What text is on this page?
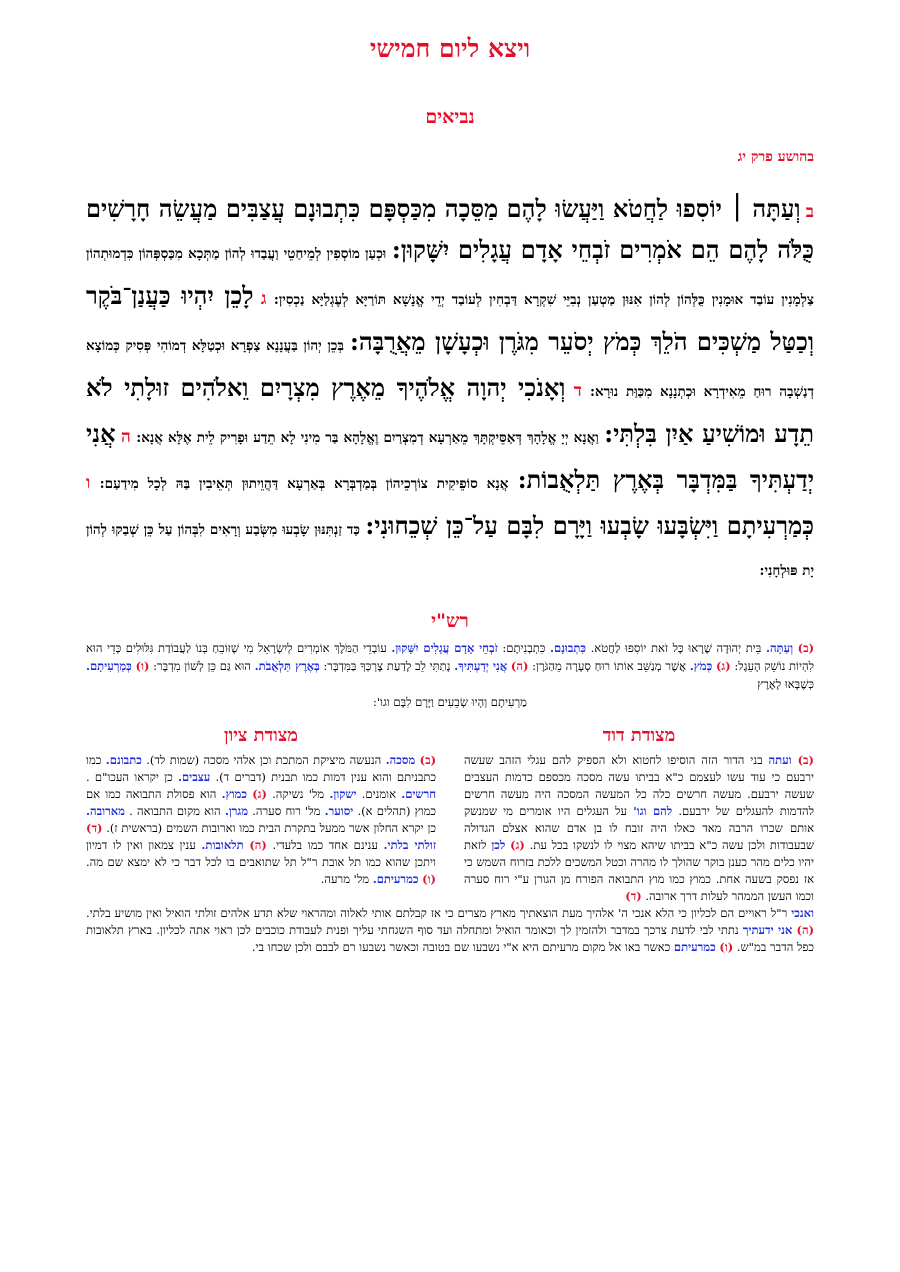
ויצא ליום חמישי
נביאים
בהושע פרק יג

ב וְעַתָּה ׀ יוֹסִפוּ לַחֲטֹא וַיַּעֲשׂוּ לָהֶם מַסֵּכָה מִכַּסְפָּם כִּתְבוּנָם עֲצַבִּים מַעֲשֵׂה חָרָשִׁים כֻּלֹּה לָהֶם הֵם אֹמְרִים זֹבְחֵי אָדָם עֲגָלִים יִשָּׁקוּן: וּכְעַן מוֹסְפִין לְמֵיחַטֵי וַעֲבַדוּ לְהוֹן מַתְּכָא מִכַּסְפְּהוֹן כִּדְמוּתְהוֹן צַלְמָנִין עוֹבַד אוּמָנִין כֻּלְּהוֹן לְהוֹן אִנּוּן מַטְעַן נְבִיֵּי שִׁקְרָא דַּבְחִין לְעוֹבַד יְדֵי אֱנָשָׁא תּוֹרַיָּא לְעֶגְלַיָּא נַכְסִין: ג לָכֵן יִהְיוּ כַּעֲנַן־בֹּקֶר וְכַטַּל מַשְׁכִּים הֹלֵךְ כְּמֹץ יְסֹעֵר מִגֹּרֶן וּכְעָשָׁן מֵאֲרֻבָּה: בְּכֵן יְהוֹן בַּעֲנָנָא צַפְרָא וּכְטַלָּא דְמוֹהִי פְּסִיק כְּמוֹצָא דְנַשְׁבָה רוּחַ מֵאִידְרָא וּכְתְנָנָא מִכַּוַּת נוּרָא: ד וְאָנֹכִי יְהוָה אֱלֹהֶיךָ מֵאֶרֶץ מִצְרָיִם וֵאלֹהִים זוּלָתִי לֹא תֵדָע וּמוֹשִׁיעַ אַיִן בִּלְתִּי: וַאֲנָא יְיָ אֱלָהָךְ דְּאַסֵּיקְתָּךְ מֵאַרְעָא דְמִצְרַיִם וֶאֱלָהָא בַּר מִינִי לָא תֵדַע וּפָרִיק לֵית אֶלָּא אֲנָא: ה אֲנִי יְדַעְתִּיךָ בַּמִּדְבָּר בְּאֶרֶץ תַּלְאֻבוֹת: אֲנָא סוֹפֵיקִית צוֹרְכֵיהוֹן בְּמַדְבְּרָא בְּאַרְעָא דַּהֲוֵיתוּן תְּאֵיבִין בַּהּ לְכָל מִידַעַם: ו כְּמַרְעִיתָם וַיִּשְׂבָּעוּ שָׂבְעוּ וַיָּרָם לִבָּם עַל־כֵּן שְׁכֵחוּנִי: כַּד זַנְתִּנּוּן שָׂבְעוּ מִשְּׂבַע וְרָאִים לִבְּהוֹן עַל כֵּן שְׁבַקוּ לְהוֹן יָת פּוּלְחָנִי:

רש"י
(ב) וְעַתָּה. בֵּית יְהוּדָה שֶׁרָאוּ כָּל זֹאת יוֹסִפוּ לַחֲטֹא. כִּתְבוּנָם. כִּתְבְנִיתָם: זֹבְחֵי אָדָם עֲגָלִים יִשָּׁקוּן. עוֹבְדֵי הַמֹּלֶךְ אוֹמְרִים לְיִשְׂרָאֵל מִי שֶׁזּוֹבֵחַ בְּנוֹ לַעֲבוֹדַת גִּלּוּלִים כְּדֵי הוּא לִהְיוֹת נוֹשֵׁק הָעֵגֶל: (ג) כְּמֹץ. אֲשֶׁר מְנַשֵּׁב אוֹתוֹ רוּחַ סְעָרָה מֵהַגֹּרֶן: (ה) אֲנִי יְדַעְתִּיךָ. נָתַתִּי לֵב לָדַעַת צָרְכְּךָ בַּמִּדְבָּר: בְּאֶרֶץ תַּלְאֻבֹת. הוּא גַּם כֵּן לְשׁוֹן מִדְבָּר: (ו) כְּמַרְעִיתָם. כְּשֶׁבָּאוּ לָאֶרֶץ
מַרְעִיתָם וְהָיוּ שְׂבֵעִים וַיָּרָם לִבָּם וגו':
מצודת דוד
(ב) ועתה בני הדור הזה הוסיפו לחטוא ולא הספיק להם עגלי הזהב שעשה ירבעם כי עוד עשו לעצמם כ"א בביתו עשה מסכה מכספם כדמות העצבים שעשה ירבעם. מעשה חרשים כלה כל המעשה המסכה היה מעשה חרשים להדמות להעגלים של ירבעם. להם וגו' על העגלים היו אומרים מי שמנשק אותם שכרו הרבה מאד כאלו היה זובח לו בן אדם שהוא אצלם הגדולה שבעבודות ולכן עשה כ"א בביתו שיהא מצוי לו לנשקו בכל עת. (ג) לכן לזאת יהיו כלים מהר כענן בוקר שהולך לו מהרה וכטל המשכים ללכת בזרוח השמש כי אז נפסק בשעה אחת. כמוץ כמו מוץ התבואה הפורח מן הגורן ע"י רוח סערה וכמו העשן הממהר לעלות דרך ארובה. (ד)
מצודת ציון
(ב) מסכה. הנעשה מיציקת המתכת וכן אלהי מסכה (שמות לד). כתבונם. כמו כתבניתם והוא ענין דמות כמו תבנית (דברים ד). עצבים. כן יקראו העכו"ם . חרשים. אומנים. ישקון. מל' נשיקה. (ג) כמוץ. הוא פסולת התבואה כמו אם כמוץ (תהלים א). יסוער. מל' רוח סערה. מגרן. הוא מקום התבואה . מארובה. כן יקרא החלון אשר ממעל בתקרת הבית כמו וארובות השמים (בראשית ז). (ד) זולתי בלתי. ענינם אחד כמו בלעדי. (ה) תלאובות. ענין צמאון ואין לו דמיון ויתכן שהוא כמו תל אובת ר"ל תל שתואבים בו לכל דבר כי לא ימצא שם מה. (ו) כמרעיתם. מל' מרעה.
ואנכי ר"ל ראויים הם לכליון כי הלא אנכי ה' אלהיך מעת הוצאתיך מארץ מצרים כי אז קבלתם אותי לאלוה ומהראוי שלא תדע אלהים זולתי הואיל ואין מושיע בלתי. (ה) אני ידעתיך נתתי לבי לדעת צרכך במדבר ולהזמין לך וכאומר הואיל ומתחלה ועד סוף השגחתי עליך ופנית לעבודת כוכבים לכן ראוי אתה לכליון. בארץ תלאובות כפל הדבר במ"ש. (ו) כמרעיתם כאשר באו אל מקום מרעיתם היא א"י נשבעו שם בטובה וכאשר נשבעו רם לבבם ולכן שכחו בי.
